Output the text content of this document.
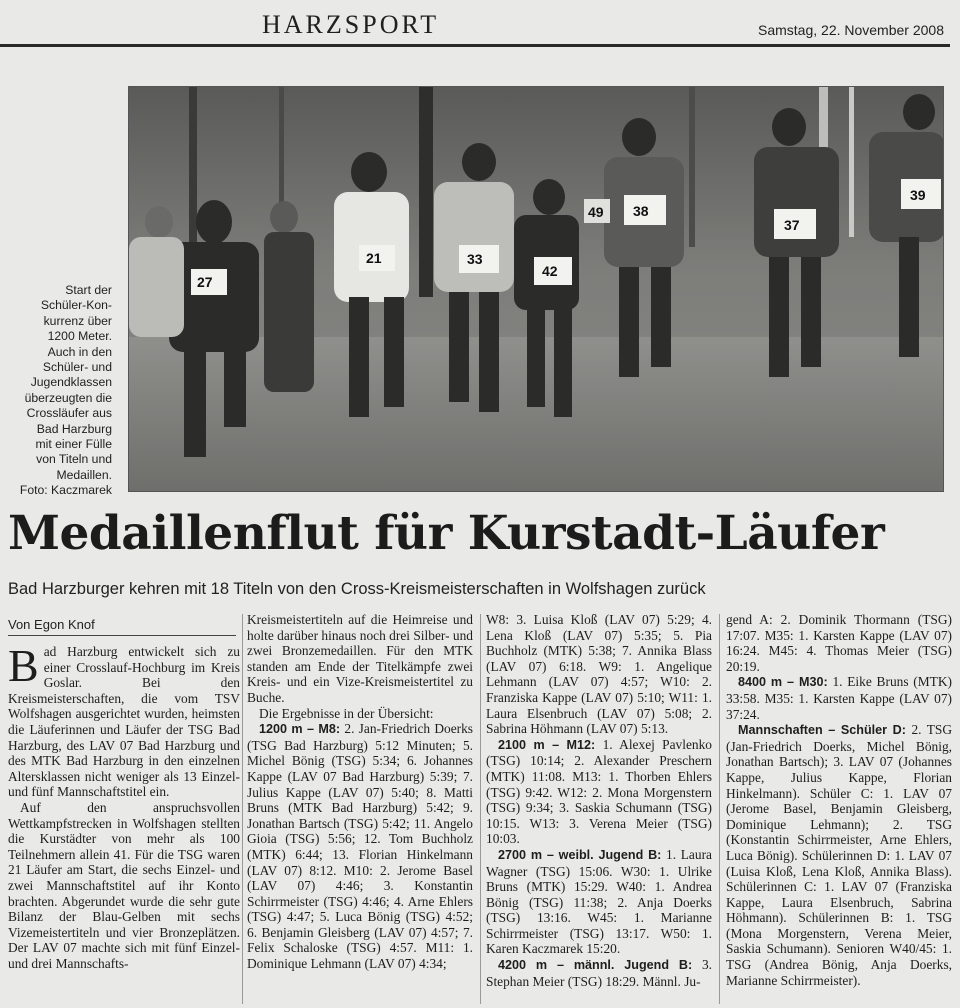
HARZSPORT	Samstag, 22. November 2008
Start der
Schüler-Kon-
kurrenz über
1200 Meter.
Auch in den
Schüler- und
Jugendklassen
überzeugten die
Crossläufer aus
Bad Harzburg
mit einer Fülle
von Titeln und
Medaillen.
Foto: Kaczmarek
27
21	33
42
38
37
39
49
Medaillenflut für Kurstadt-Läufer
Bad Harzburger kehren mit 18 Titeln von den Cross-Kreismeisterschaften in Wolfshagen zurück
Von Egon Knof

Bad Harzburg entwickelt sich zu einer Crosslauf-Hochburg im Kreis Goslar. Bei den Kreismeisterschaften, die vom TSV Wolfshagen ausgerichtet wurden, heimsten die Läuferinnen und Läufer der TSG Bad Harzburg, des LAV 07 Bad Harzburg und des MTK Bad Harzburg in den einzelnen Altersklassen nicht weniger als 13 Einzel- und fünf Mannschaftstitel ein.

Auf den anspruchsvollen Wettkampfstrecken in Wolfshagen stellten die Kurstädter von mehr als 100 Teilnehmern allein 41. Für die TSG waren 21 Läufer am Start, die sechs Einzel- und zwei Mannschaftstitel auf ihr Konto brachten. Abgerundet wurde die sehr gute Bilanz der Blau-Gelben mit sechs Vizemeistertiteln und vier Bronzeplätzen. Der LAV 07 machte sich mit fünf Einzel- und drei Mannschafts-

Kreismeistertiteln auf die Heimreise und holte darüber hinaus noch drei Silber- und zwei Bronzemedaillen. Für den MTK standen am Ende der Titelkämpfe zwei Kreis- und ein Vize-Kreismeistertitel zu Buche.

Die Ergebnisse in der Übersicht:

1200 m – M8: 2. Jan-Friedrich Doerks (TSG Bad Harzburg) 5:12 Minuten; 5. Michel Bönig (TSG) 5:34; 6. Johannes Kappe (LAV 07 Bad Harzburg) 5:39; 7. Julius Kappe (LAV 07) 5:40; 8. Matti Bruns (MTK Bad Harzburg) 5:42; 9. Jonathan Bartsch (TSG) 5:42; 11. Angelo Gioia (TSG) 5:56; 12. Tom Buchholz (MTK) 6:44; 13. Florian Hinkelmann (LAV 07) 8:12. M10: 2. Jerome Basel (LAV 07) 4:46; 3. Konstantin Schirrmeister (TSG) 4:46; 4. Arne Ehlers (TSG) 4:47; 5. Luca Bönig (TSG) 4:52; 6. Benjamin Gleisberg (LAV 07) 4:57; 7. Felix Schaloske (TSG) 4:57. M11: 1. Dominique Lehmann (LAV 07) 4:34;

W8: 3. Luisa Kloß (LAV 07) 5:29; 4. Lena Kloß (LAV 07) 5:35; 5. Pia Buchholz (MTK) 5:38; 7. Annika Blass (LAV 07) 6:18. W9: 1. Angelique Lehmann (LAV 07) 4:57; W10: 2. Franziska Kappe (LAV 07) 5:10; W11: 1. Laura Elsenbruch (LAV 07) 5:08; 2. Sabrina Höhmann (LAV 07) 5:13.

2100 m – M12: 1. Alexej Pavlenko (TSG) 10:14; 2. Alexander Preschern (MTK) 11:08. M13: 1. Thorben Ehlers (TSG) 9:42. W12: 2. Mona Morgenstern (TSG) 9:34; 3. Saskia Schumann (TSG) 10:15. W13: 3. Verena Meier (TSG) 10:03.

2700 m – weibl. Jugend B: 1. Laura Wagner (TSG) 15:06. W30: 1. Ulrike Bruns (MTK) 15:29. W40: 1. Andrea Bönig (TSG) 11:38; 2. Anja Doerks (TSG) 13:16. W45: 1. Marianne Schirrmeister (TSG) 13:17. W50: 1. Karen Kaczmarek 15:20.

4200 m – männl. Jugend B: 3. Stephan Meier (TSG) 18:29. Männl. Ju-

gend A: 2. Dominik Thormann (TSG) 17:07. M35: 1. Karsten Kappe (LAV 07) 16:24. M45: 4. Thomas Meier (TSG) 20:19.

8400 m – M30: 1. Eike Bruns (MTK) 33:58. M35: 1. Karsten Kappe (LAV 07) 37:24.

Mannschaften – Schüler D: 2. TSG (Jan-Friedrich Doerks, Michel Bönig, Jonathan Bartsch); 3. LAV 07 (Johannes Kappe, Julius Kappe, Florian Hinkelmann). Schüler C: 1. LAV 07 (Jerome Basel, Benjamin Gleisberg, Dominique Lehmann); 2. TSG (Konstantin Schirrmeister, Arne Ehlers, Luca Bönig). Schülerinnen D: 1. LAV 07 (Luisa Kloß, Lena Kloß, Annika Blass). Schülerinnen C: 1. LAV 07 (Franziska Kappe, Laura Elsenbruch, Sabrina Höhmann). Schülerinnen B: 1. TSG (Mona Morgenstern, Verena Meier, Saskia Schumann). Senioren W40/45: 1. TSG (Andrea Bönig, Anja Doerks, Marianne Schirrmeister).
